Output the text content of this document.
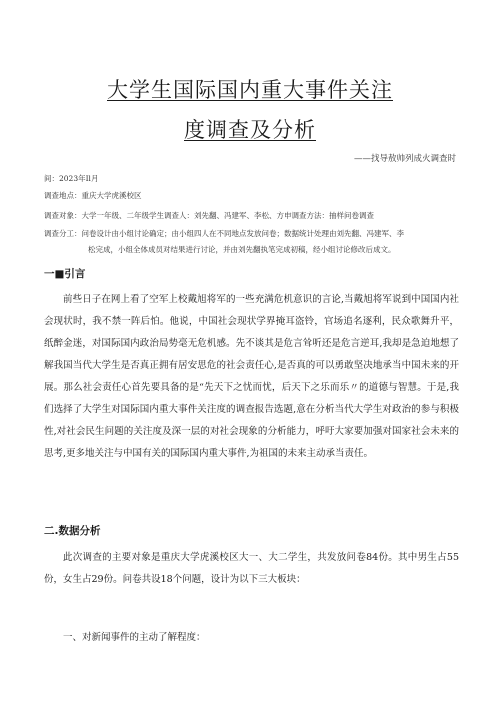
大学生国际国内重大事件关注
度调查及分析
——找导敖帅列成火调查时
间：2023年Il月
调查地点：重庆大学虎溪校区
调查对象：大学一年级、二年级学生调查人：刘先翻、冯建军、李松、方申调查方法：抽样问卷调查
调查分工：问卷设计由小组讨论确定；由小组四人在不同地点发放问卷；数据统计处理由刘先翻、冯建军、李
松完成，小组全体成员对结果进行讨论，并由刘先翻执笔完成初稿，经小组讨论修改后成文。
一■引言
前些日子在网上看了空军上校戴旭将军的一些充满危机意识的言论,当戴旭将军说到中国国内社会现状时，我不禁一阵后怕。他说，中国社会现状学界掩耳盗铃，官场追名逐利，民众歌舞升平，纸醉金迷，对国际国内政治局势毫无危机感。先不谈其是危言耸听还是危言逆耳,我却是急迫地想了解我国当代大学生是否真正拥有居安思危的社会责任心,是否真的可以勇敢坚决地承当中国未来的开展。那么社会责任心首先要具备的是“先天下之忧而忧，后天下之乐而乐〃的道德与智慧。于是,我们选择了大学生对国际国内重大事件关注度的调查报告选题,意在分析当代大学生对政治的参与积极性,对社会民生问题的关注度及深一层的对社会现象的分析能力，呼吁大家要加强对国家社会未来的思考,更多地关注与中国有关的国际国内重大事件,为祖国的未来主动承当责任。
二.数据分析
此次调查的主要对象是重庆大学虎溪校区大一、大二学生，共发放问卷84份。其中男生占55份，女生占29份。问卷共设18个问题，设计为以下三大板块：
一、对新闻事件的主动了解程度：
